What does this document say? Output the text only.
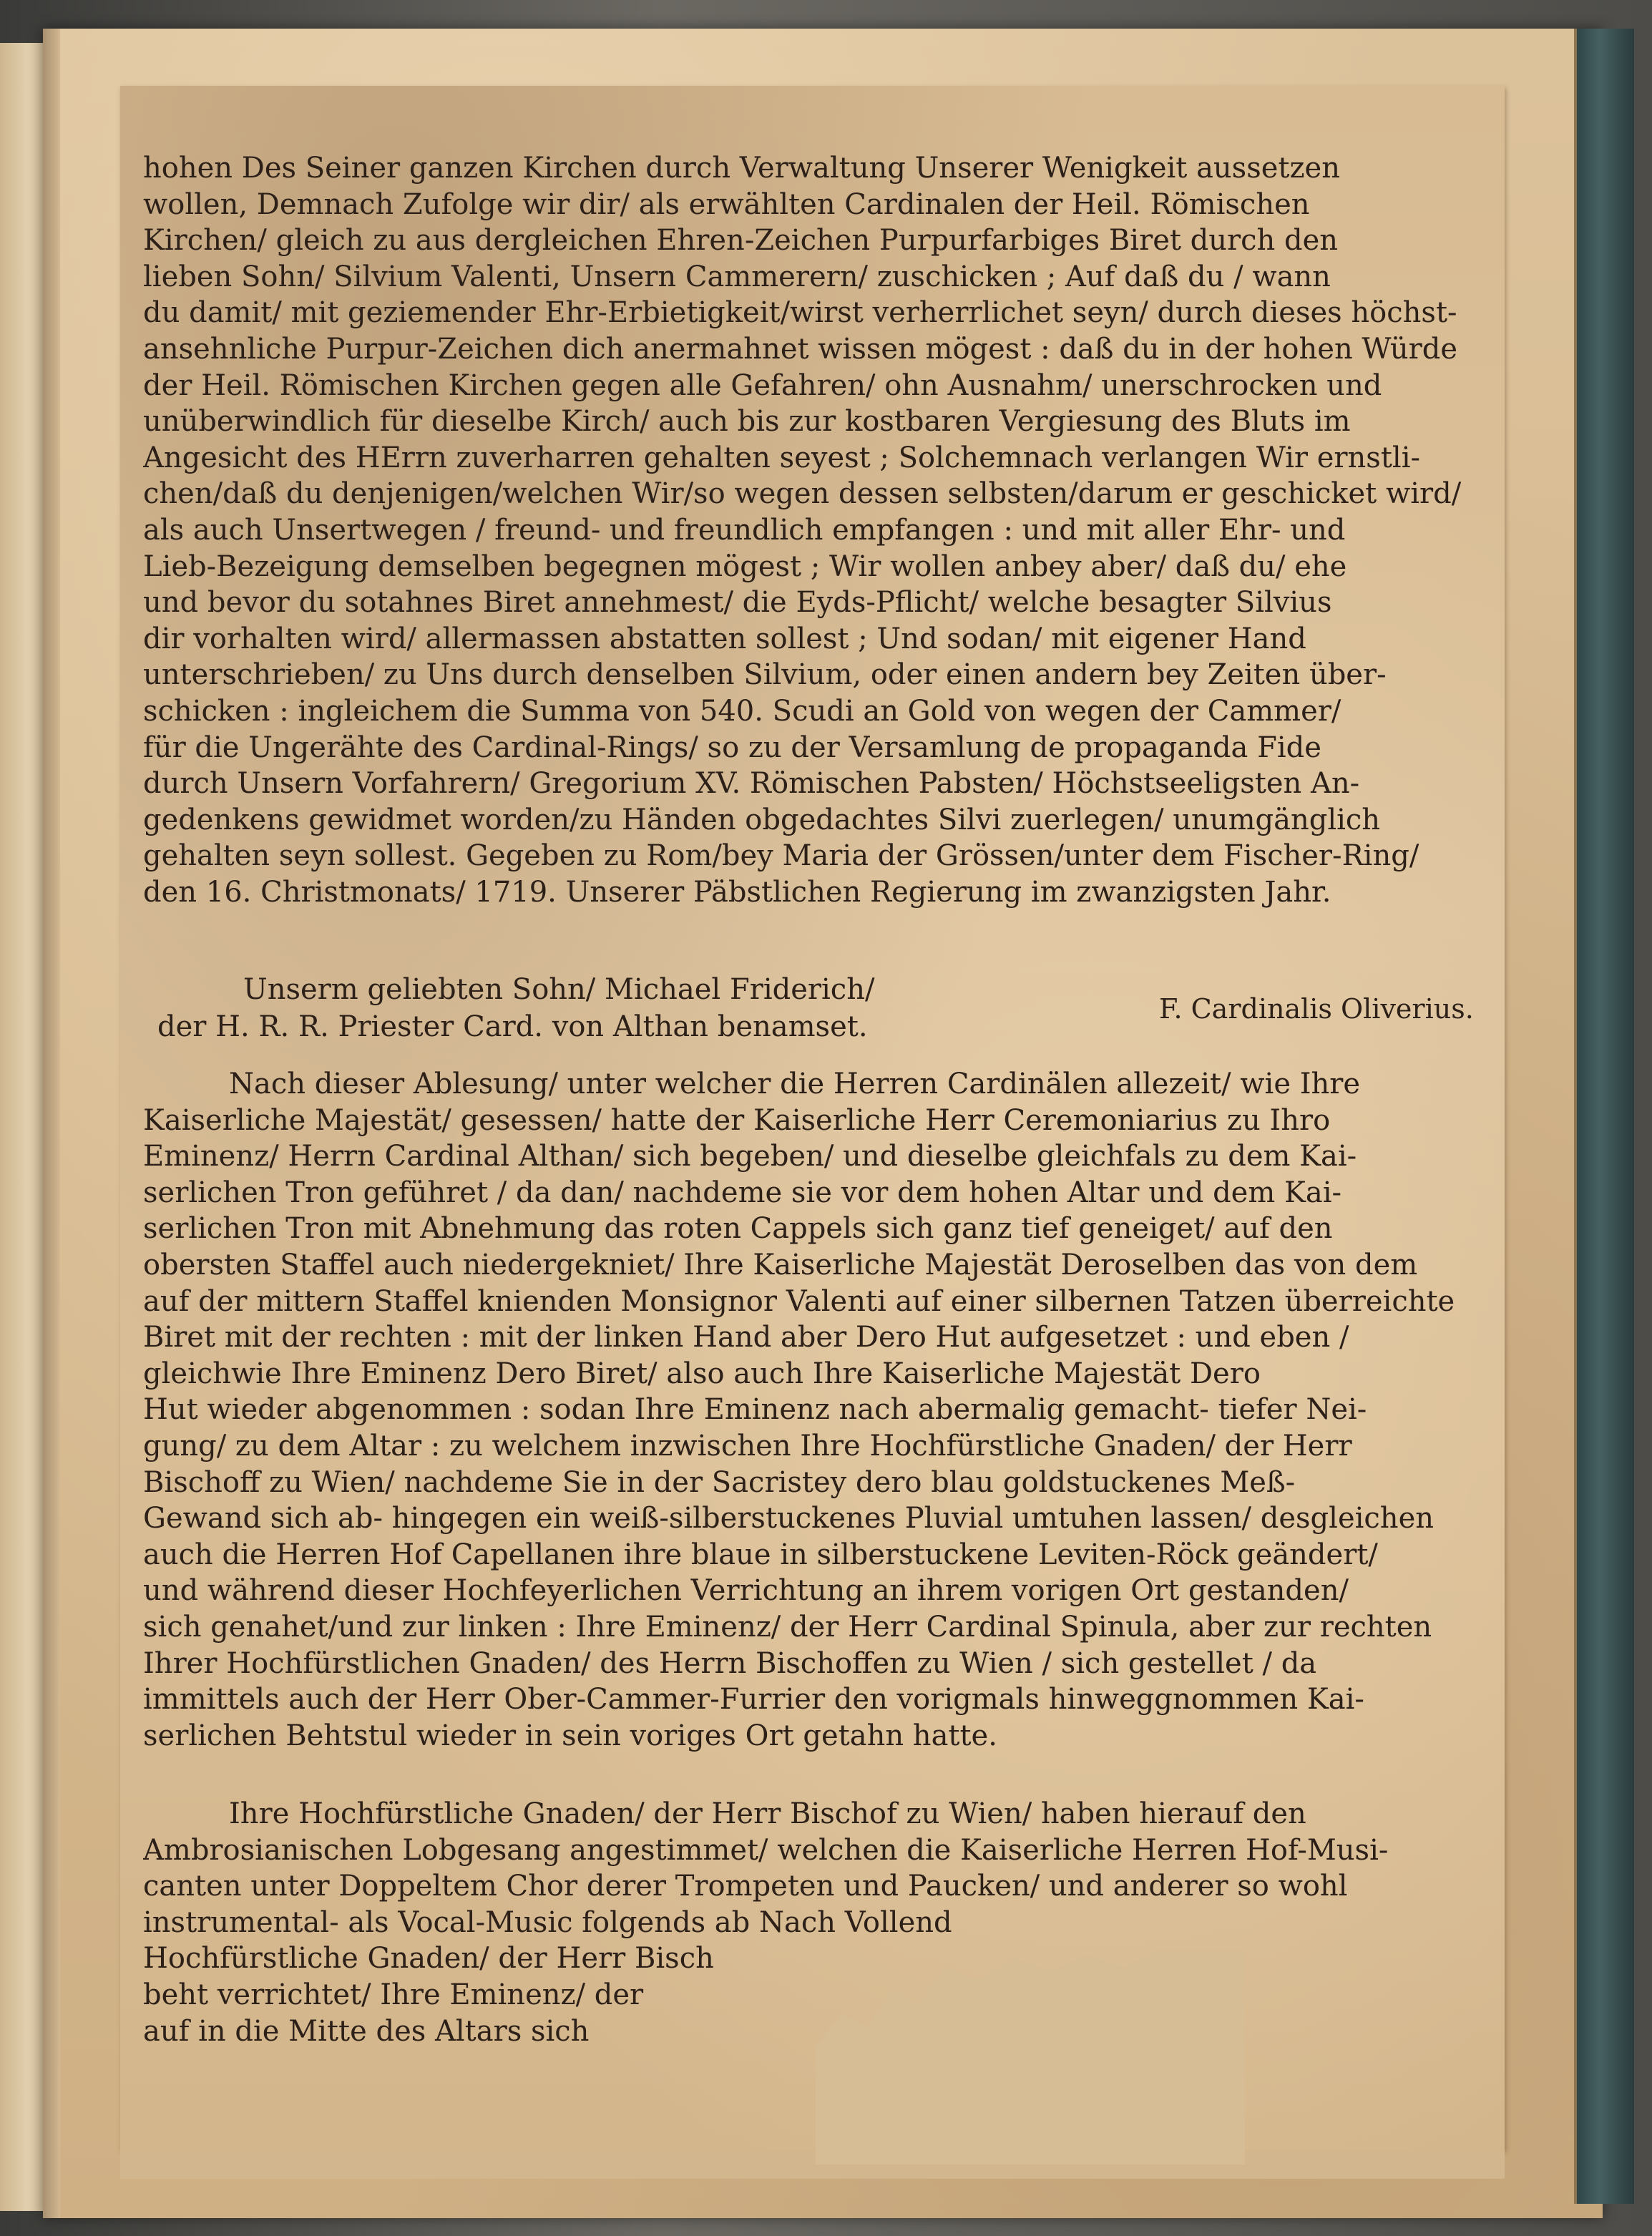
hohen Des Seiner ganzen Kirchen durch Verwaltung Unserer Wenigkeit aussetzen
wollen, Demnach Zufolge wir dir/ als erwählten Cardinalen der Heil. Römischen
Kirchen/ gleich zu aus dergleichen Ehren-Zeichen Purpurfarbiges Biret durch den
lieben Sohn/ Silvium Valenti, Unsern Cammerern/ zuschicken ; Auf daß du / wann
du damit/ mit geziemender Ehr-Erbietigkeit/wirst verherrlichet seyn/ durch dieses höchst-
ansehnliche Purpur-Zeichen dich anermahnet wissen mögest : daß du in der hohen Würde
der Heil. Römischen Kirchen gegen alle Gefahren/ ohn Ausnahm/ unerschrocken und
unüberwindlich für dieselbe Kirch/ auch bis zur kostbaren Vergiesung des Bluts im
Angesicht des HErrn zuverharren gehalten seyest ; Solchemnach verlangen Wir ernstli-
chen/daß du denjenigen/welchen Wir/so wegen dessen selbsten/darum er geschicket wird/
als auch Unsertwegen / freund- und freundlich empfangen : und mit aller Ehr- und
Lieb-Bezeigung demselben begegnen mögest ; Wir wollen anbey aber/ daß du/ ehe
und bevor du sotahnes Biret annehmest/ die Eyds-Pflicht/ welche besagter Silvius
dir vorhalten wird/ allermassen abstatten sollest ; Und sodan/ mit eigener Hand
unterschrieben/ zu Uns durch denselben Silvium, oder einen andern bey Zeiten über-
schicken : ingleichem die Summa von 540. Scudi an Gold von wegen der Cammer/
für die Ungerähte des Cardinal-Rings/ so zu der Versamlung de propaganda Fide
durch Unsern Vorfahrern/ Gregorium XV. Römischen Pabsten/ Höchstseeligsten An-
gedenkens gewidmet worden/zu Händen obgedachtes Silvi zuerlegen/ unumgänglich
gehalten seyn sollest. Gegeben zu Rom/bey Maria der Grössen/unter dem Fischer-Ring/
den 16. Christmonats/ 1719. Unserer Päbstlichen Regierung im zwanzigsten Jahr.
Unserm geliebten Sohn/ Michael Friderich/
der H. R. R. Priester Card. von Althan benamset.
F. Cardinalis Oliverius.
Nach dieser Ablesung/ unter welcher die Herren Cardinälen allezeit/ wie Ihre
Kaiserliche Majestät/ gesessen/ hatte der Kaiserliche Herr Ceremoniarius zu Ihro
Eminenz/ Herrn Cardinal Althan/ sich begeben/ und dieselbe gleichfals zu dem Kai-
serlichen Tron geführet / da dan/ nachdeme sie vor dem hohen Altar und dem Kai-
serlichen Tron mit Abnehmung das roten Cappels sich ganz tief geneiget/ auf den
obersten Staffel auch niedergekniet/ Ihre Kaiserliche Majestät Deroselben das von dem
auf der mittern Staffel knienden Monsignor Valenti auf einer silbernen Tatzen überreichte
Biret mit der rechten : mit der linken Hand aber Dero Hut aufgesetzet : und eben /
gleichwie Ihre Eminenz Dero Biret/ also auch Ihre Kaiserliche Majestät Dero
Hut wieder abgenommen : sodan Ihre Eminenz nach abermalig gemacht- tiefer Nei-
gung/ zu dem Altar : zu welchem inzwischen Ihre Hochfürstliche Gnaden/ der Herr
Bischoff zu Wien/ nachdeme Sie in der Sacristey dero blau goldstuckenes Meß-
Gewand sich ab- hingegen ein weiß-silberstuckenes Pluvial umtuhen lassen/ desgleichen
auch die Herren Hof Capellanen ihre blaue in silberstuckene Leviten-Röck geändert/
und während dieser Hochfeyerlichen Verrichtung an ihrem vorigen Ort gestanden/
sich genahet/und zur linken : Ihre Eminenz/ der Herr Cardinal Spinula, aber zur rechten
Ihrer Hochfürstlichen Gnaden/ des Herrn Bischoffen zu Wien / sich gestellet / da
immittels auch der Herr Ober-Cammer-Furrier den vorigmals hinweggnommen Kai-
serlichen Behtstul wieder in sein voriges Ort getahn hatte.
Ihre Hochfürstliche Gnaden/ der Herr Bischof zu Wien/ haben hierauf den
Ambrosianischen Lobgesang angestimmet/ welchen die Kaiserliche Herren Hof-Musi-
canten unter Doppeltem Chor derer Trompeten und Paucken/ und anderer so wohl
instrumental- als Vocal-Music folgends ab Nach Vollend
Hochfürstliche Gnaden/ der Herr Bisch
beht verrichtet/ Ihre Eminenz/ der
auf in die Mitte des Altars sich
